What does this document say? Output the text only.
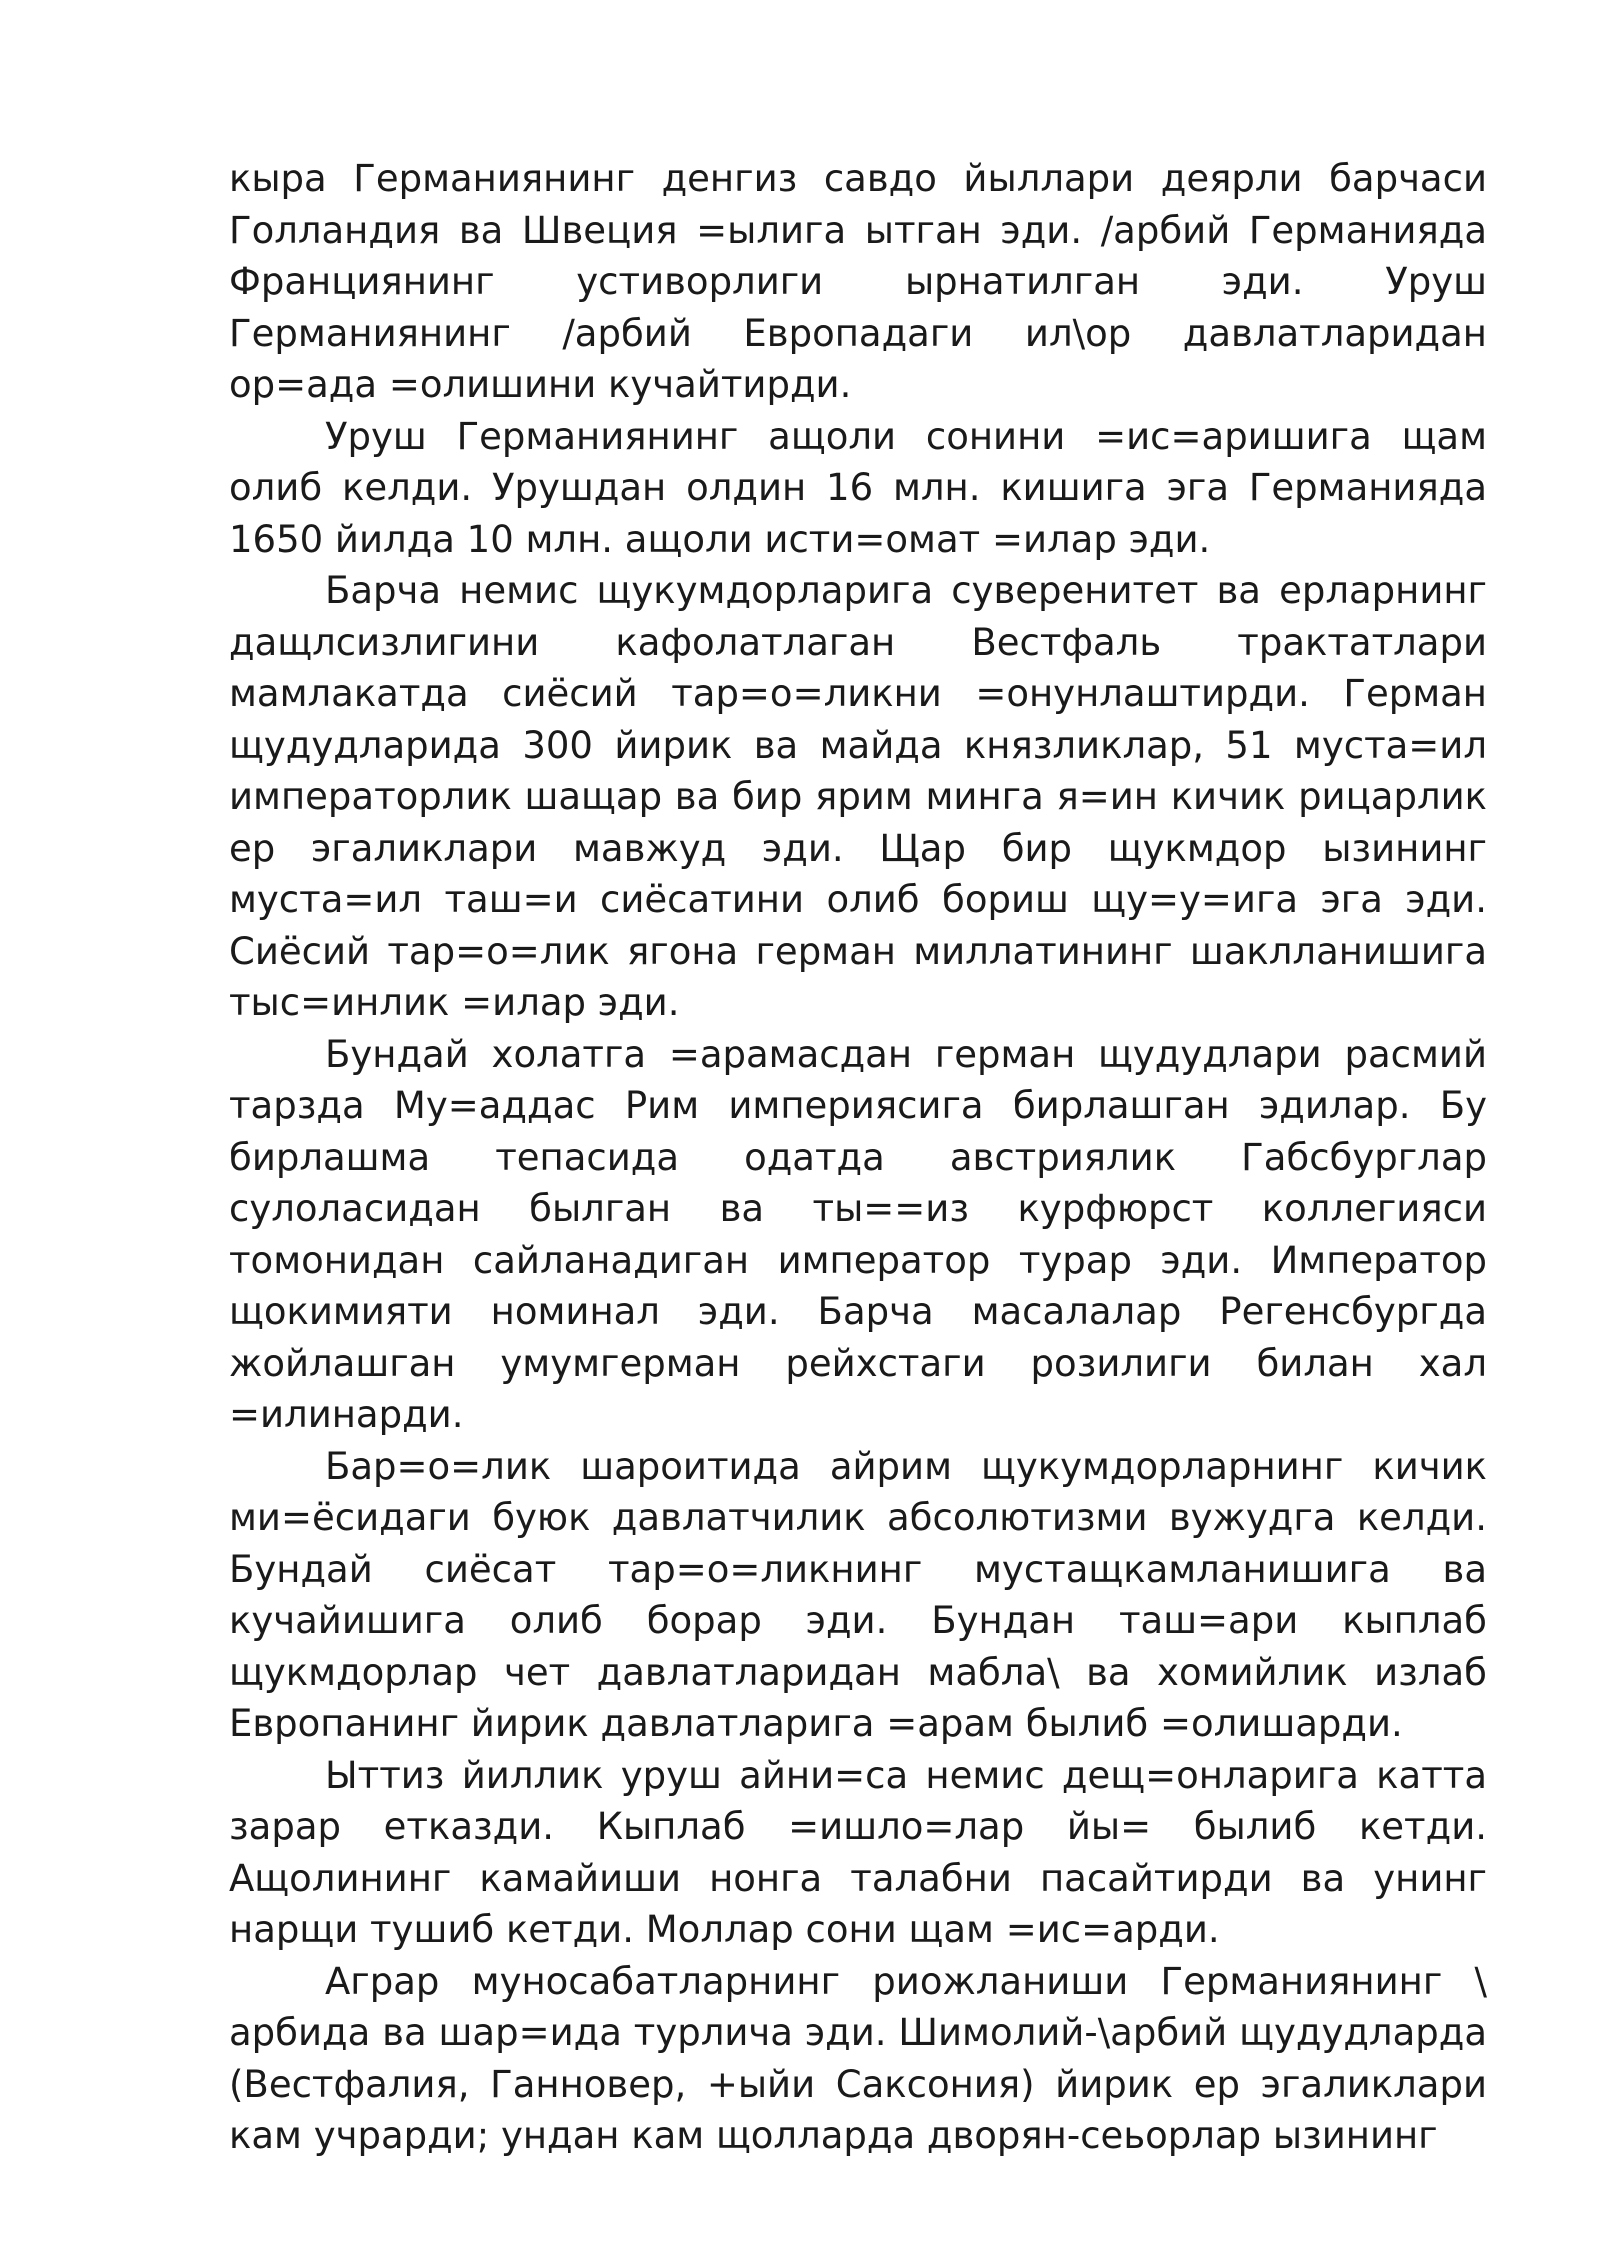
кыра Германиянинг денгиз савдо йыллари деярли барчаси Голландия ва Швеция =ылига ытган эди. /арбий Германияда Франциянинг устиворлиги ырнатилган эди. Уруш Германиянинг /арбий Европадаги ил\ор давлатларидан ор=ада =олишини кучайтирди.

Уруш Германиянинг ащоли сонини =ис=аришига щам олиб келди. Урушдан олдин 16 млн. кишига эга Германияда 1650 йилда 10 млн. ащоли исти=омат =илар эди.

Барча немис щукумдорларига суверенитет ва ерларнинг дащлсизлигини кафолатлаган Вестфаль трактатлари мамлакатда сиёсий тар=о=ликни =онунлаштирди. Герман щудудларида 300 йирик ва майда князликлар, 51 муста=ил императорлик шащар ва бир ярим минга я=ин кичик рицарлик ер эгаликлари мавжуд эди. Щар бир щукмдор ызининг муста=ил таш=и сиёсатини олиб бориш щу=у=ига эга эди. Сиёсий тар=о=лик ягона герман миллатининг шаклланишига тыс=инлик =илар эди.

Бундай холатга =арамасдан герман щудудлари расмий тарзда Му=аддас Рим империясига бирлашган эдилар. Бу бирлашма тепасида одатда австриялик Габсбурглар сулоласидан былган ва ты==из курфюрст коллегияси томонидан сайланадиган император турар эди. Император щокимияти номинал эди. Барча масалалар Регенсбургда жойлашган умумгерман рейхстаги розилиги билан хал =илинарди.

Бар=о=лик шароитида айрим щукумдорларнинг кичик ми=ёсидаги буюк давлатчилик абсолютизми вужудга келди. Бундай сиёсат тар=о=ликнинг мустащкамланишига ва кучайишига олиб борар эди. Бундан таш=ари кыплаб щукмдорлар чет давлатларидан мабла\ ва хомийлик излаб Европанинг йирик давлатларига =арам былиб =олишарди.

Ыттиз йиллик уруш айни=са немис дещ=онларига катта зарар етказди. Кыплаб =ишло=лар йы= былиб кетди. Ащолининг камайиши нонга талабни пасайтирди ва унинг нарщи тушиб кетди. Моллар сони щам =ис=арди.

Аграр муносабатларнинг риожланиши Германиянинг \ арбида ва шар=ида турлича эди. Шимолий-\арбий щудудларда (Вестфалия, Ганновер, +ыйи Саксония) йирик ер эгаликлари кам учрарди; ундан кам щолларда дворян-сеьорлар ызининг
